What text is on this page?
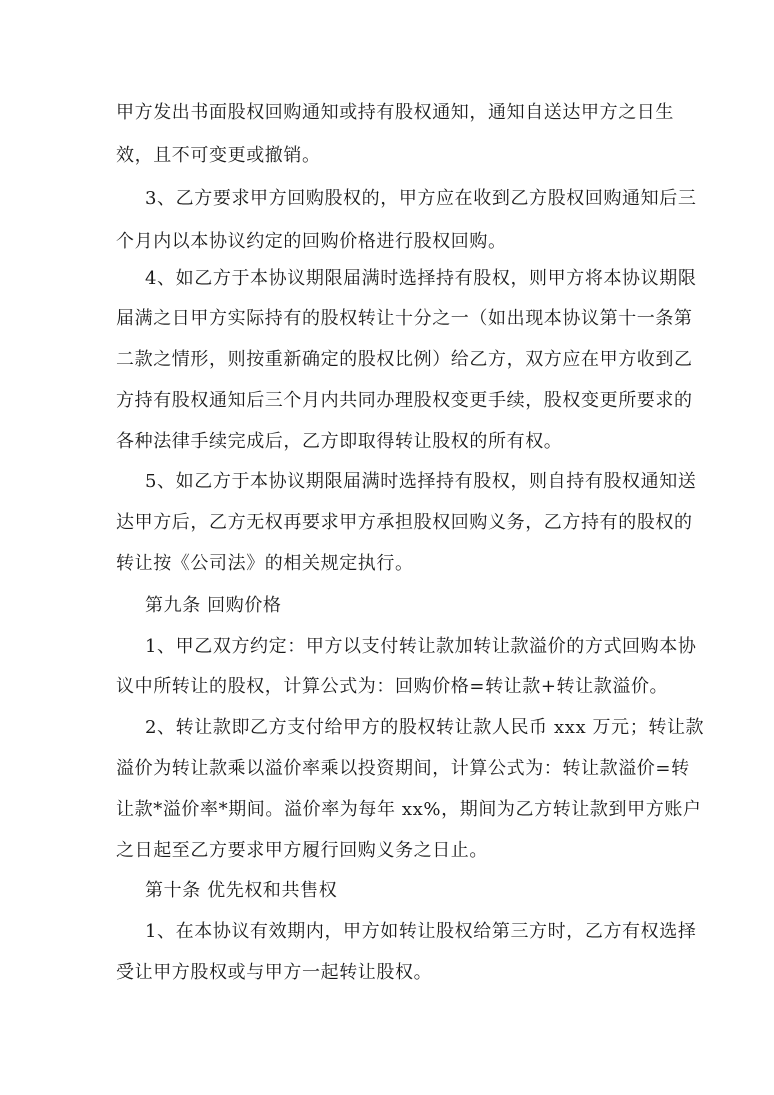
甲方发出书面股权回购通知或持有股权通知，通知自送达甲方之日生
效，且不可变更或撤销。
3、乙方要求甲方回购股权的，甲方应在收到乙方股权回购通知后三
个月内以本协议约定的回购价格进行股权回购。
4、如乙方于本协议期限届满时选择持有股权，则甲方将本协议期限
届满之日甲方实际持有的股权转让十分之一（如出现本协议第十一条第
二款之情形，则按重新确定的股权比例）给乙方，双方应在甲方收到乙
方持有股权通知后三个月内共同办理股权变更手续，股权变更所要求的
各种法律手续完成后，乙方即取得转让股权的所有权。
5、如乙方于本协议期限届满时选择持有股权，则自持有股权通知送
达甲方后，乙方无权再要求甲方承担股权回购义务，乙方持有的股权的
转让按《公司法》的相关规定执行。
第九条 回购价格
1、甲乙双方约定：甲方以支付转让款加转让款溢价的方式回购本协
议中所转让的股权，计算公式为：回购价格=转让款+转让款溢价。
2、转让款即乙方支付给甲方的股权转让款人民币 xxx 万元；转让款
溢价为转让款乘以溢价率乘以投资期间，计算公式为：转让款溢价=转
让款*溢价率*期间。溢价率为每年 xx%，期间为乙方转让款到甲方账户
之日起至乙方要求甲方履行回购义务之日止。
第十条 优先权和共售权
1、在本协议有效期内，甲方如转让股权给第三方时，乙方有权选择
受让甲方股权或与甲方一起转让股权。
